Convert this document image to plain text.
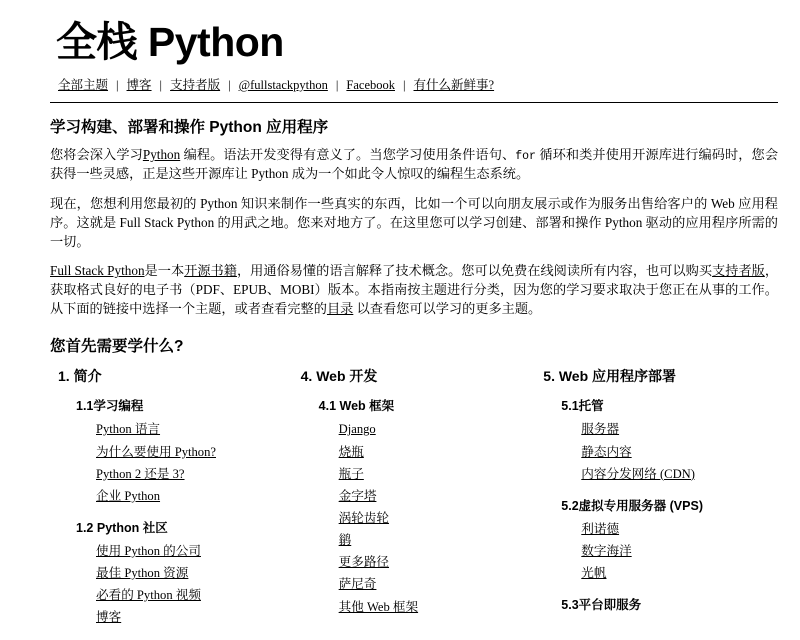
全栈 Python
全部主题 | 博客 | 支持者版 | @fullstackpython | Facebook | 有什么新鲜事?
学习构建、部署和操作 Python 应用程序

您将会深入学习Python 编程。语法开发变得有意义了。当您学习使用条件语句、for 循环和类并使用开源库进行编码时，您会获得一些灵感，正是这些开源库让 Python 成为一个如此令人惊叹的编程生态系统。

现在，您想利用您最初的 Python 知识来制作一些真实的东西，比如一个可以向朋友展示或作为服务出售给客户的 Web 应用程序。这就是 Full Stack Python 的用武之地。您来对地方了。在这里您可以学习创建、部署和操作 Python 驱动的应用程序所需的一切。

Full Stack Python是一本开源书籍，用通俗易懂的语言解释了技术概念。您可以免费在线阅读所有内容，也可以购买支持者版，获取格式良好的电子书（PDF、EPUB、MOBI）版本。本指南按主题进行分类，因为您的学习要求取决于您正在从事的工作。从下面的链接中选择一个主题，或者查看完整的目录 以查看您可以学习的更多主题。

您首先需要学什么?
1. 简介
1.1学习编程
Python 语言
为什么要使用 Python?
Python 2 还是 3?
企业 Python
1.2 Python 社区
使用 Python 的公司
最佳 Python 资源
必看的 Python 视频
博客
4. Web 开发
4.1 Web 框架
Django
烧瓶
瓶子
金字塔
涡轮齿轮
鹟
更多路径
萨尼奇
其他 Web 框架
5. Web 应用程序部署
5.1托管
服务器
静态内容
内容分发网络 (CDN)
5.2虚拟专用服务器 (VPS)
利诺德
数字海洋
光帆
5.3平台即服务
